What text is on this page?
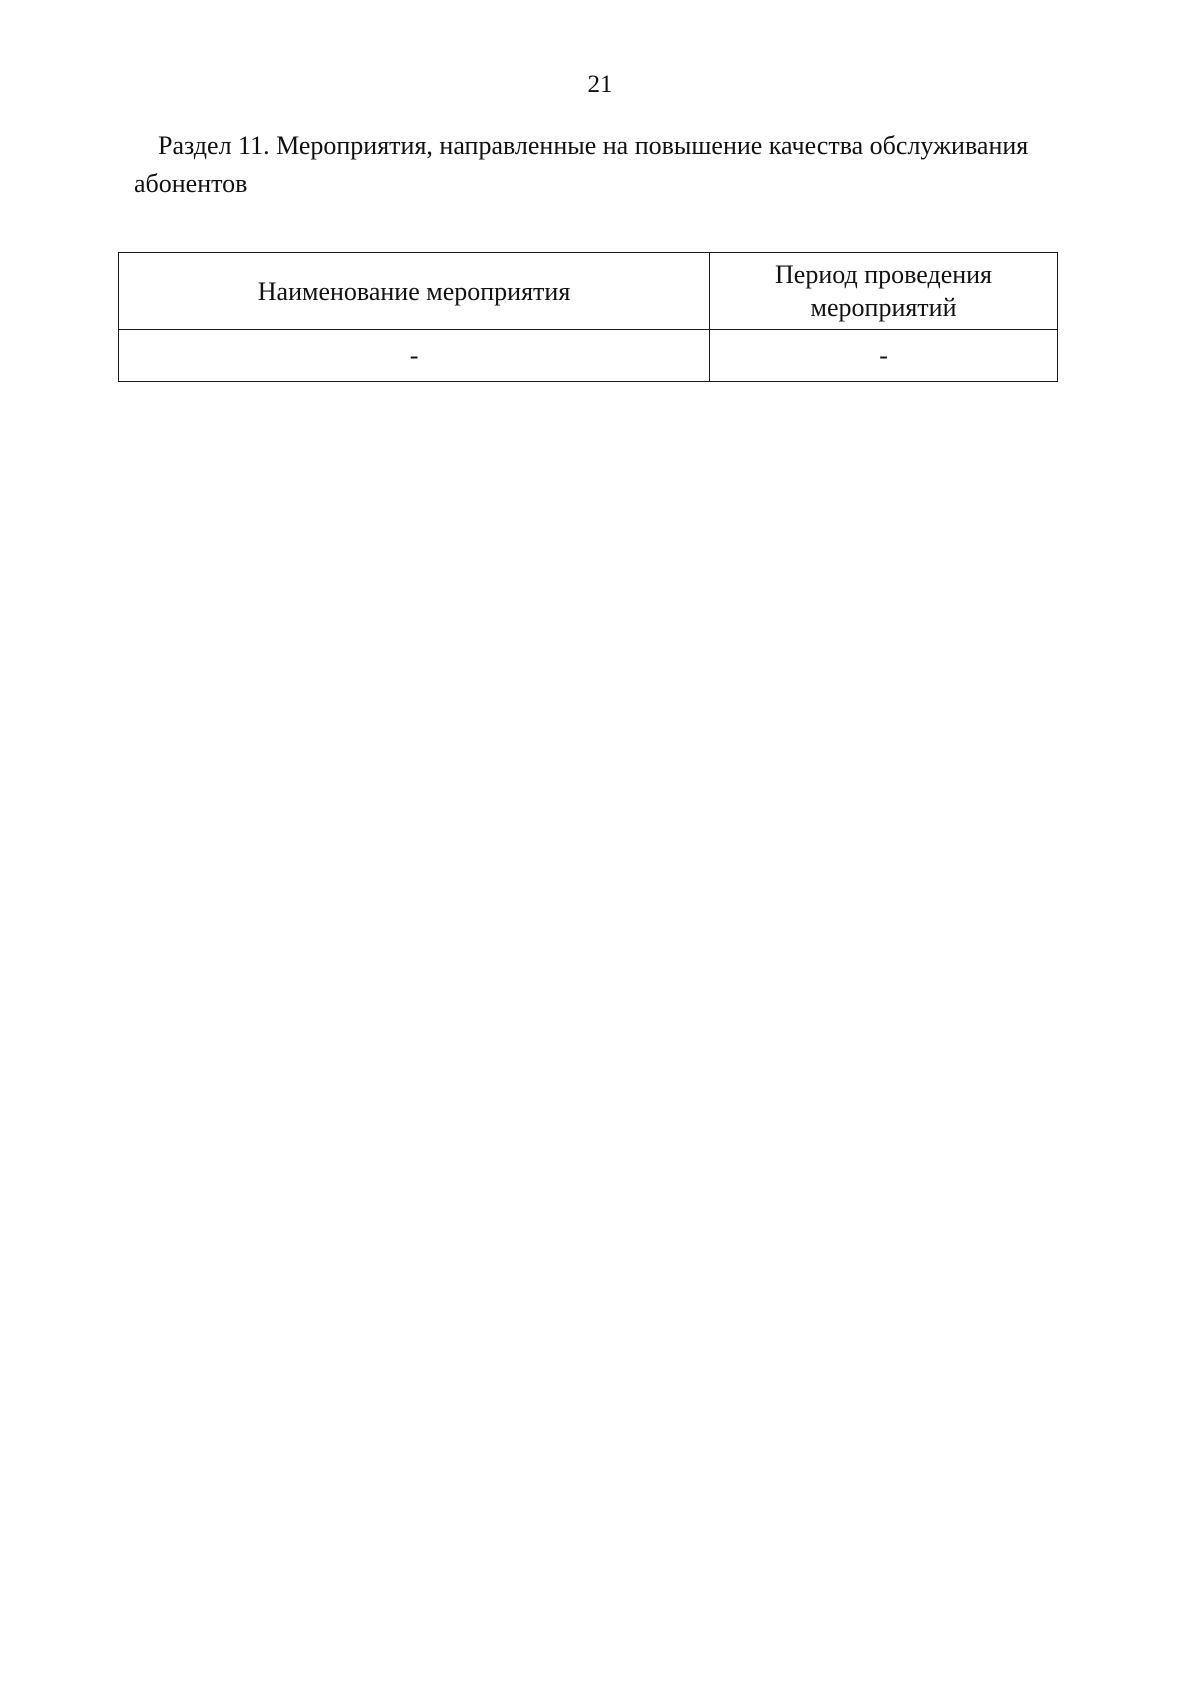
21
Раздел 11. Мероприятия, направленные на повышение качества обслуживания
абонентов
Наименование мероприятия	Период проведения мероприятий
-	-
